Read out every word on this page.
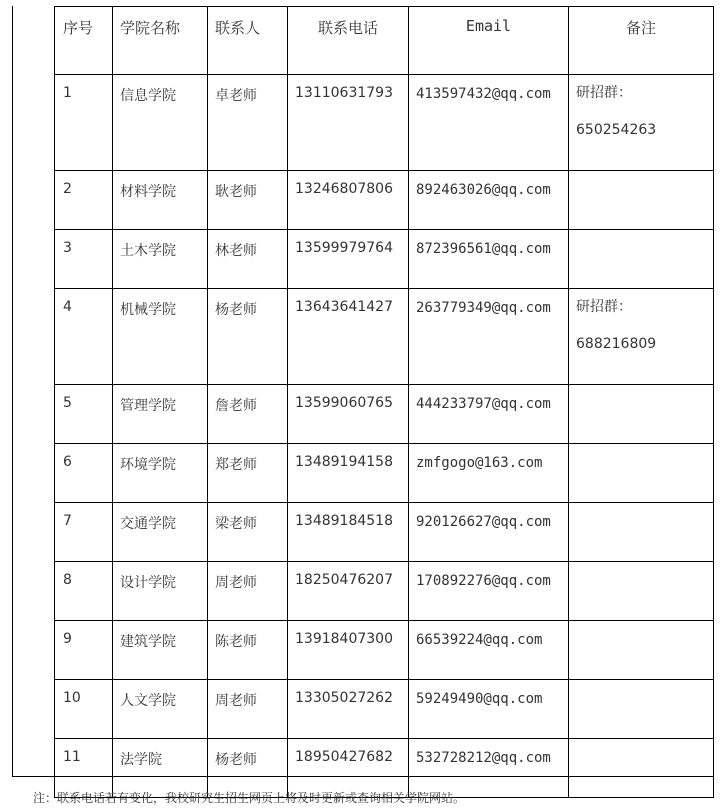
序号	学院名称	联系人	联系电话	Email	备注
1	信息学院	卓老师	13110631793	413597432@qq.com	研招群：
650254263

2	材料学院	耿老师	13246807806	892463026@qq.com	
3	土木学院	林老师	13599979764	872396561@qq.com	
4	机械学院	杨老师	13643641427	263779349@qq.com	研招群：
688216809

5	管理学院	詹老师	13599060765	444233797@qq.com	
6	环境学院	郑老师	13489194158	zmfgogo@163.com	
7	交通学院	梁老师	13489184518	920126627@qq.com	
8	设计学院	周老师	18250476207	170892276@qq.com	
9	建筑学院	陈老师	13918407300	66539224@qq.com	
10	人文学院	周老师	13305027262	59249490@qq.com	
11	法学院	杨老师	18950427682	532728212@qq.com	
注：联系电话若有变化，我校研究生招生网页上将及时更新或查询相关学院网站。
